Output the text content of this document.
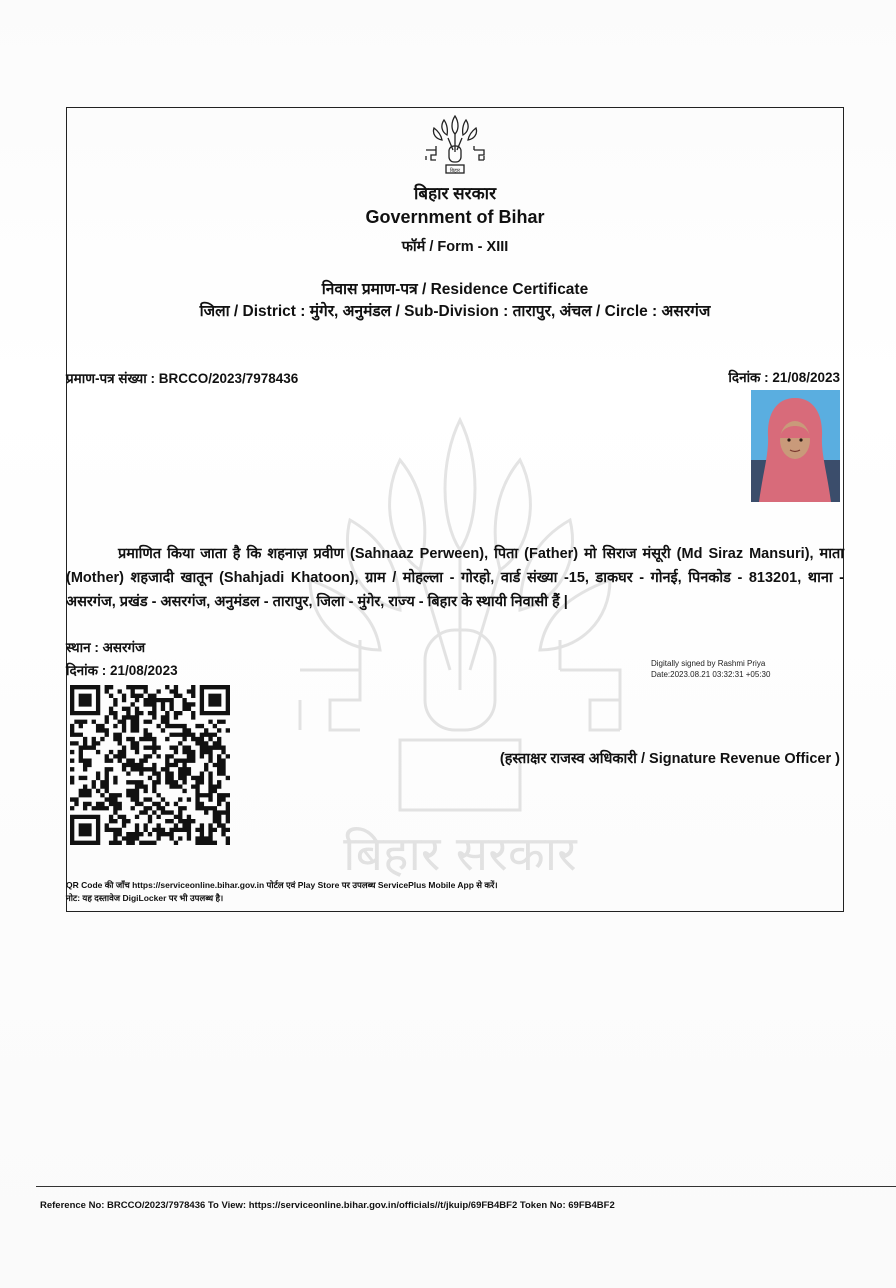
बिहार सरकार
बिहार
बिहार सरकार
Government of Bihar
फॉर्म / Form - XIII
निवास प्रमाण-पत्र / Residence Certificate
जिला / District : मुंगेर, अनुमंडल / Sub-Division : तारापुर, अंचल / Circle : असरगंज
प्रमाण-पत्र संख्या : BRCCO/2023/7978436	दिनांक : 21/08/2023

प्रमाणित किया जाता है कि शहनाज़ प्रवीण (Sahnaaz Perween), पिता (Father) मो सिराज मंसूरी (Md Siraz Mansuri), माता (Mother) शहजादी खातून (Shahjadi Khatoon), ग्राम / मोहल्ला - गोरहो, वार्ड संख्या -15, डाकघर - गोनई, पिनकोड - 813201, थाना - असरगंज, प्रखंड - असरगंज, अनुमंडल - तारापुर, जिला - मुंगेर, राज्य - बिहार के स्थायी निवासी हैं |

स्थान : असरगंज
दिनांक : 21/08/2023	Digitally signed by Rashmi Priya
Date:2023.08.21 03:32:31 +05:30
(हस्ताक्षर राजस्व अधिकारी / Signature Revenue Officer )
QR Code की जाँच https://serviceonline.bihar.gov.in पोर्टल एवं Play Store पर उपलब्ध ServicePlus Mobile App से करें।
नोट: यह दस्तावेज DigiLocker पर भी उपलब्ध है।
Reference No: BRCCO/2023/7978436 To View: https://serviceonline.bihar.gov.in/officials//t/jkuip/69FB4BF2 Token No: 69FB4BF2
